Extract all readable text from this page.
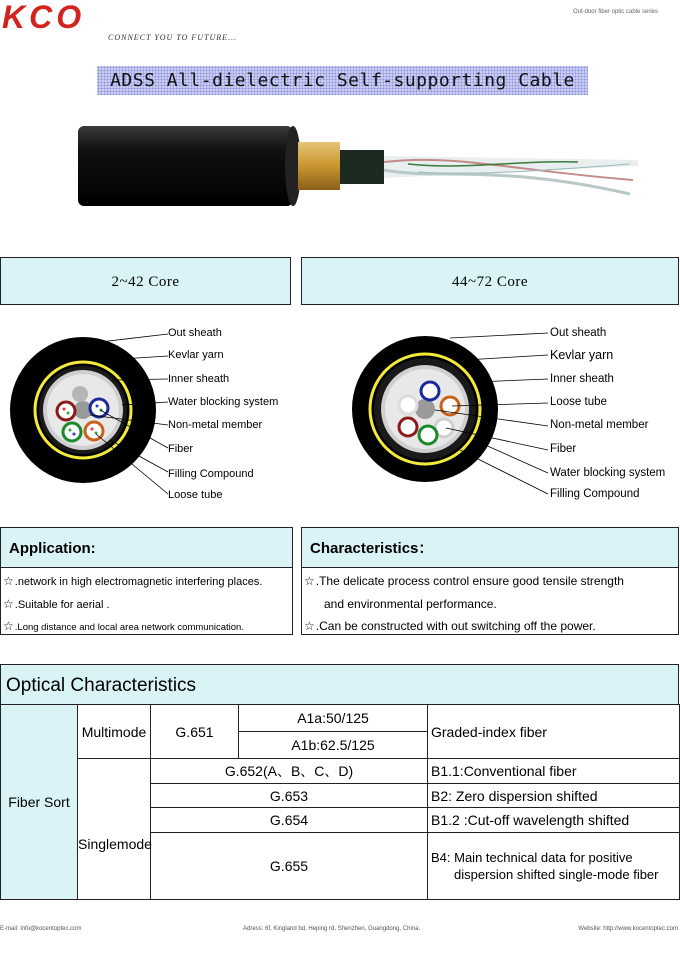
KCO
CONNECT YOU TO FUTURE...
Out-door fiber optic cable series
ADSS All-dielectric Self-supporting Cable
2~42 Core	44~72 Core
Out sheath
Kevlar yarn
Inner sheath
Water blocking system
Non-metal member
Fiber
Filling Compound
Loose tube
Out sheath
Kevlar yarn
Inner sheath
Loose tube
Non-metal member
Fiber
Water blocking system
Filling Compound
Application:
☆.network in high electromagnetic interfering places.
☆.Suitable for aerial .
☆.Long distance and local area network communication.
Characteristics：
☆.The delicate process control ensure good tensile strength
and environmental performance.
☆.Can be constructed with out switching off the power.
Optical Characteristics
Fiber Sort	Multimode	G.651	A1a:50/125	Graded-index fiber
			A1b:62.5/125	
	Singlemode	G.652(A、B、C、D)		B1.1:Conventional fiber
		G.653		B2: Zero dispersion shifted
		G.654		B1.2 :Cut-off wavelength shifted
		G.655		B4: Main technical data for positive
dispersion shifted single-mode fiber
E-mail: info@kocentoptec.com	Adress: 6f, Kingland bd, Heping rd, Shenzhen, Guangdong, China.	Website: http://www.kocentoptec.com
